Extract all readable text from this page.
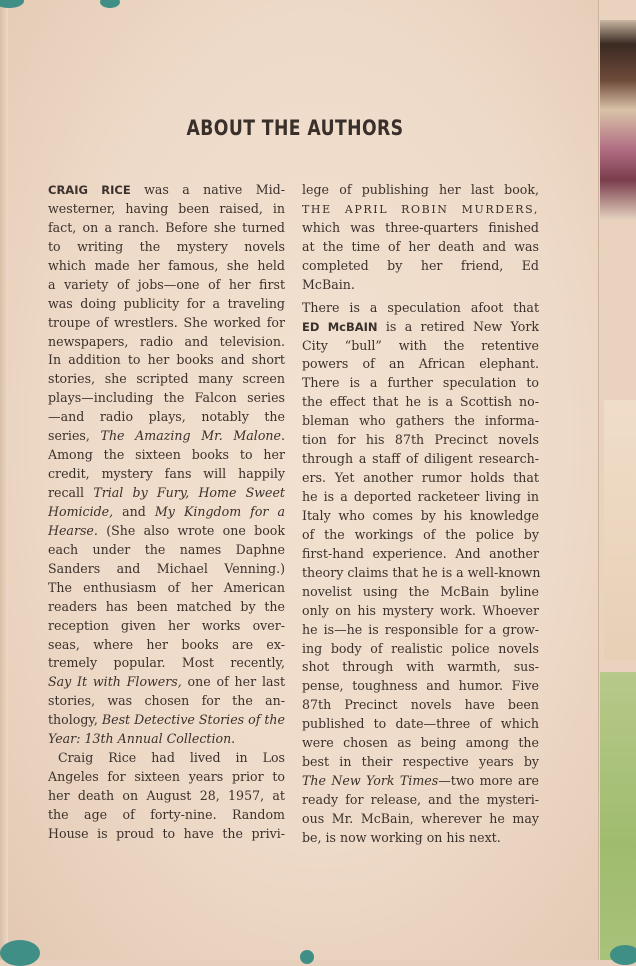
ABOUT THE AUTHORS
CRAIG RICE was a native Mid-
westerner, having been raised, in
fact, on a ranch. Before she turned
to writing the mystery novels
which made her famous, she held
a variety of jobs—one of her first
was doing publicity for a traveling
troupe of wrestlers. She worked for
newspapers, radio and television.
In addition to her books and short
stories, she scripted many screen
plays—including the Falcon series
—and radio plays, notably the
series, The Amazing Mr. Malone.
Among the sixteen books to her
credit, mystery fans will happily
recall Trial by Fury, Home Sweet
Homicide, and My Kingdom for a
Hearse. (She also wrote one book
each under the names Daphne
Sanders and Michael Venning.)
The enthusiasm of her American
readers has been matched by the
reception given her works over-
seas, where her books are ex-
tremely popular. Most recently,
Say It with Flowers, one of her last
stories, was chosen for the an-
thology, Best Detective Stories of the
Year: 13th Annual Collection.
Craig Rice had lived in Los
Angeles for sixteen years prior to
her death on August 28, 1957, at
the age of forty-nine. Random
House is proud to have the privi-
lege of publishing her last book,
THE APRIL ROBIN MURDERS,
which was three-quarters finished
at the time of her death and was
completed by her friend, Ed
McBain.
There is a speculation afoot that
ED McBAIN is a retired New York
City “bull” with the retentive
powers of an African elephant.
There is a further speculation to
the effect that he is a Scottish no-
bleman who gathers the informa-
tion for his 87th Precinct novels
through a staff of diligent research-
ers. Yet another rumor holds that
he is a deported racketeer living in
Italy who comes by his knowledge
of the workings of the police by
first-hand experience. And another
theory claims that he is a well-known
novelist using the McBain byline
only on his mystery work. Whoever
he is—he is responsible for a grow-
ing body of realistic police novels
shot through with warmth, sus-
pense, toughness and humor. Five
87th Precinct novels have been
published to date—three of which
were chosen as being among the
best in their respective years by
The New York Times—two more are
ready for release, and the mysteri-
ous Mr. McBain, wherever he may
be, is now working on his next.
